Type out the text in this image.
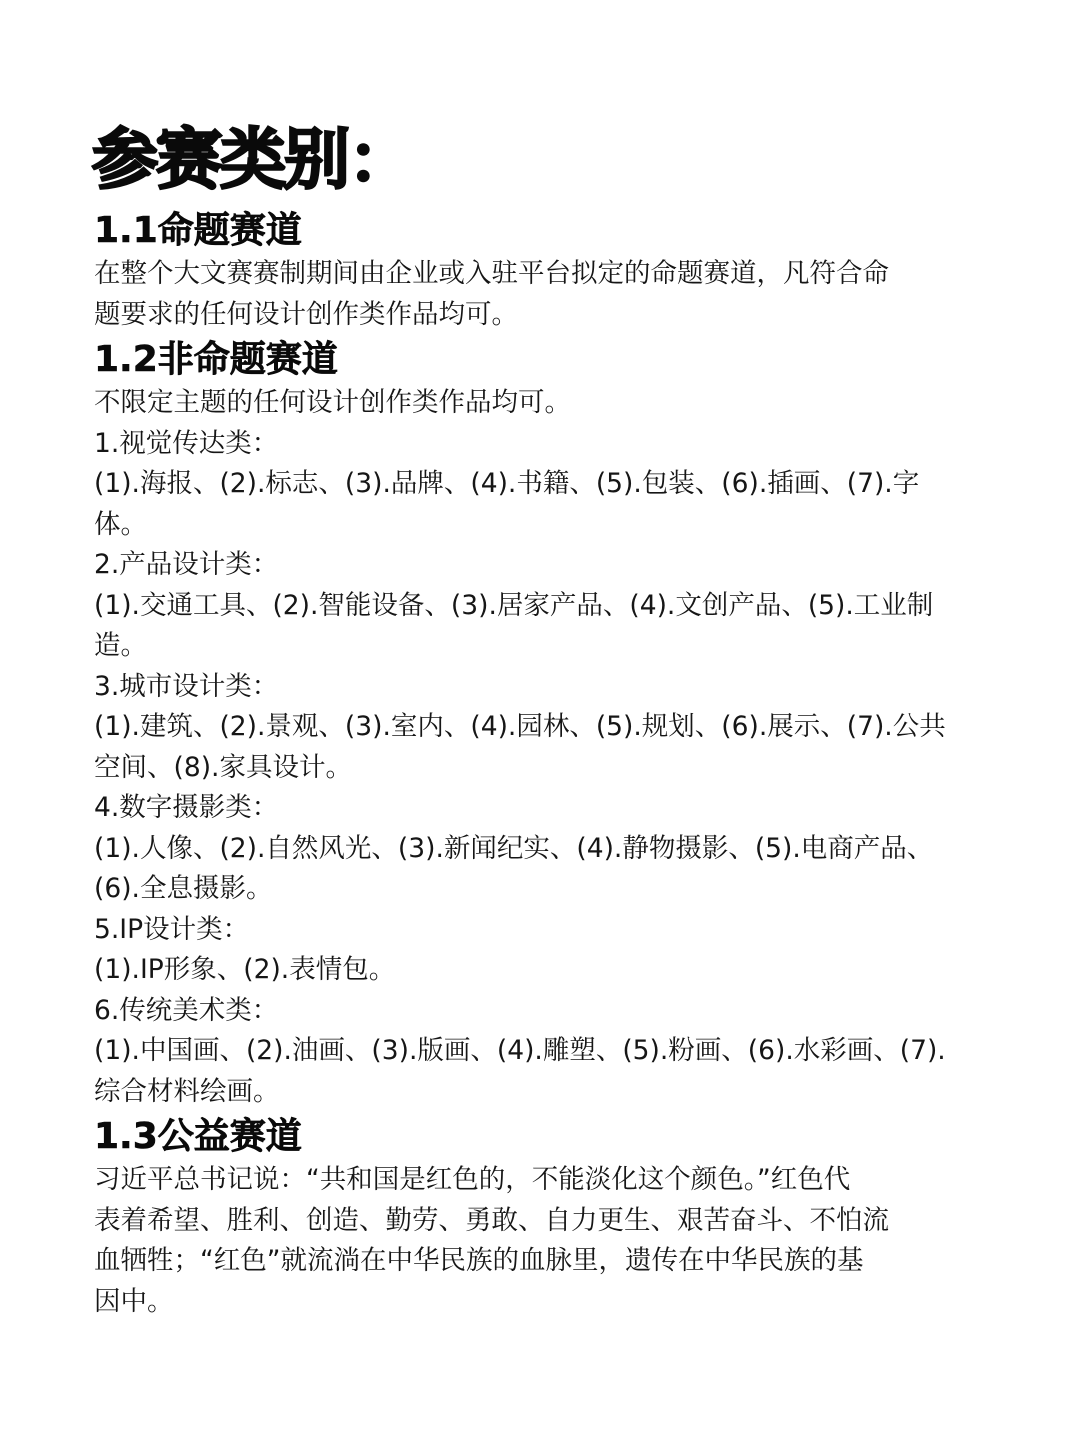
参赛类别：
1.1命题赛道

在整个大文赛赛制期间由企业或入驻平台拟定的命题赛道，凡符合命
题要求的任何设计创作类作品均可。

1.2非命题赛道

不限定主题的任何设计创作类作品均可。

1.视觉传达类：

(1).海报、(2).标志、(3).品牌、(4).书籍、(5).包装、(6).插画、(7).字
体。

2.产品设计类：

(1).交通工具、(2).智能设备、(3).居家产品、(4).文创产品、(5).工业制
造。

3.城市设计类：

(1).建筑、(2).景观、(3).室内、(4).园林、(5).规划、(6).展示、(7).公共
空间、(8).家具设计。

4.数字摄影类：

(1).人像、(2).自然风光、(3).新闻纪实、(4).静物摄影、(5).电商产品、
(6).全息摄影。

5.IP设计类：

(1).IP形象、(2).表情包。

6.传统美术类：

(1).中国画、(2).油画、(3).版画、(4).雕塑、(5).粉画、(6).水彩画、(7).
综合材料绘画。

1.3公益赛道

习近平总书记说：“共和国是红色的，不能淡化这个颜色。”红色代
表着希望、胜利、创造、勤劳、勇敢、自力更生、艰苦奋斗、不怕流
血牺牲；“红色”就流淌在中华民族的血脉里，遗传在中华民族的基
因中。
